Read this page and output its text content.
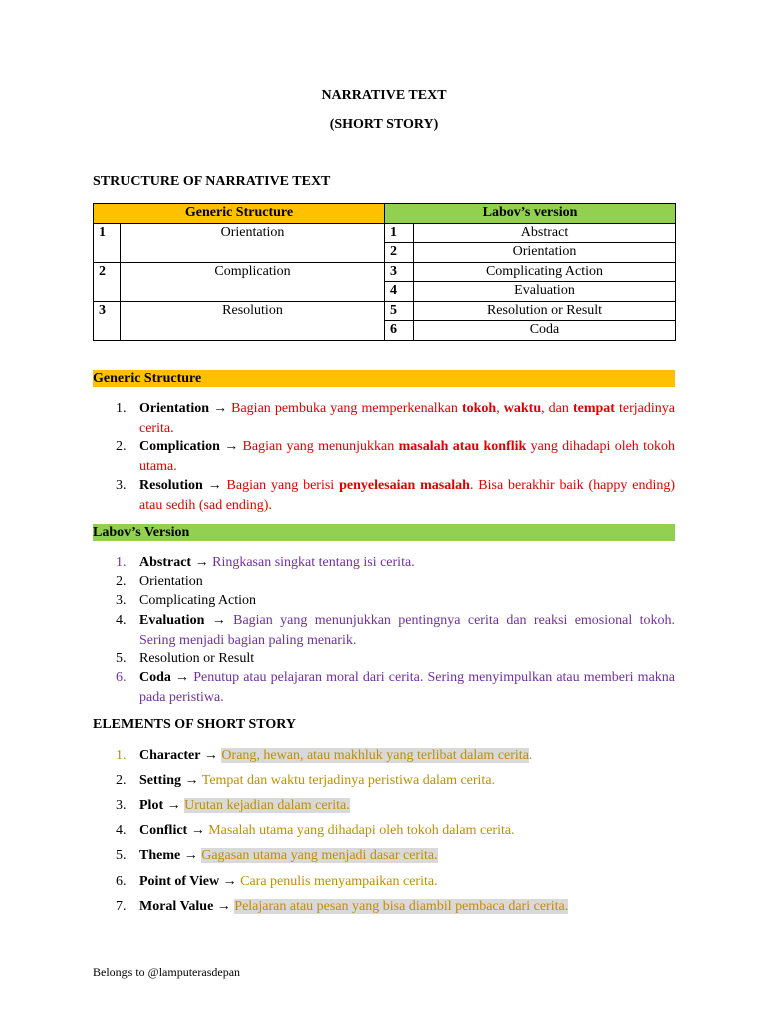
NARRATIVE TEXT
(SHORT STORY)
STRUCTURE OF NARRATIVE TEXT
Generic Structure		Labov’s version	
1	Orientation	1	Abstract
		2	Orientation
2	Complication	3	Complicating Action
		4	Evaluation
3	Resolution	5	Resolution or Result
		6	Coda
Generic Structure
1. Orientation → Bagian pembuka yang memperkenalkan tokoh, waktu, dan tempat terjadinya cerita.
2. Complication → Bagian yang menunjukkan masalah atau konflik yang dihadapi oleh tokoh utama.
3. Resolution → Bagian yang berisi penyelesaian masalah. Bisa berakhir baik (happy ending) atau sedih (sad ending).
Labov’s Version
1. Abstract → Ringkasan singkat tentang isi cerita.
2. Orientation
3. Complicating Action
4. Evaluation → Bagian yang menunjukkan pentingnya cerita dan reaksi emosional tokoh. Sering menjadi bagian paling menarik.
5. Resolution or Result
6. Coda → Penutup atau pelajaran moral dari cerita. Sering menyimpulkan atau memberi makna pada peristiwa.
ELEMENTS OF SHORT STORY
1. Character → Orang, hewan, atau makhluk yang terlibat dalam cerita.
2. Setting → Tempat dan waktu terjadinya peristiwa dalam cerita.
3. Plot → Urutan kejadian dalam cerita.
4. Conflict → Masalah utama yang dihadapi oleh tokoh dalam cerita.
5. Theme → Gagasan utama yang menjadi dasar cerita.
6. Point of View → Cara penulis menyampaikan cerita.
7. Moral Value → Pelajaran atau pesan yang bisa diambil pembaca dari cerita.
Belongs to @lamputerasdepan
